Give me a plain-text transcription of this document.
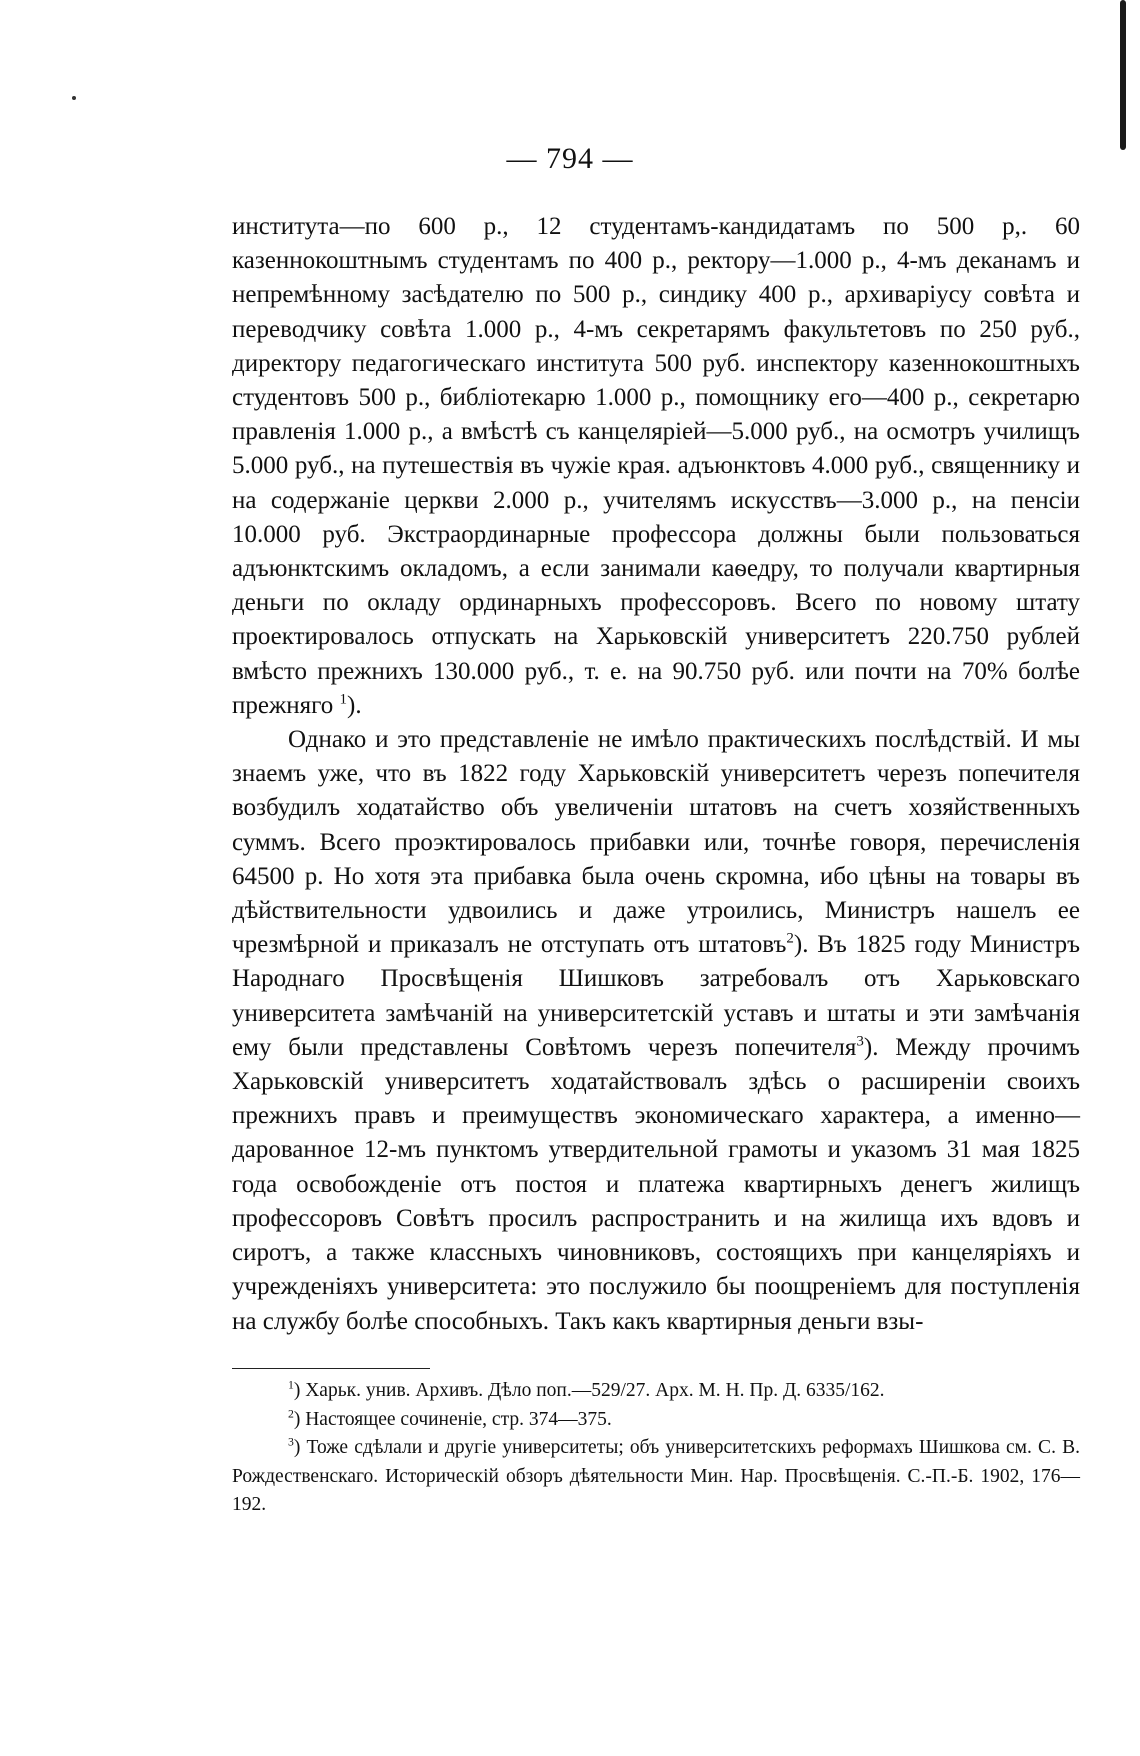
— 794 —

института—по 600 р., 12 студентамъ-кандидатамъ по 500 р,. 60 казеннокоштнымъ студентамъ по 400 р., ректору—1.000 р., 4-мъ деканамъ и непремѣнному засѣдателю по 500 р., синдику 400 р., архиваріусу совѣта и переводчику совѣта 1.000 р., 4-мъ секретарямъ факультетовъ по 250 руб., директору педагогическаго института 500 руб. инспектору казеннокоштныхъ студентовъ 500 р., библіотекарю 1.000 р., помощнику его—400 р., секретарю правленія 1.000 р., а вмѣстѣ съ канцеляріей—5.000 руб., на осмотръ училищъ 5.000 руб., на путешествія въ чужіе края. адъюнктовъ 4.000 руб., священнику и на содержаніе церкви 2.000 р., учителямъ искусствъ—3.000 р., на пенсіи 10.000 руб. Экстраординарные профессора должны были пользоваться адъюнктскимъ окладомъ, а если занимали каѳедру, то получали квартирныя деньги по окладу ординарныхъ профессоровъ. Всего по новому штату проектировалось отпускать на Харьковскій университетъ 220.750 рублей вмѣсто прежнихъ 130.000 руб., т. е. на 90.750 руб. или почти на 70% болѣе прежняго $^1$).

Однако и это представленіе не имѣло практическихъ послѣдствій. И мы знаемъ уже, что въ 1822 году Харьковскій университетъ черезъ попечителя возбудилъ ходатайство объ увеличеніи штатовъ на счетъ хозяйственныхъ суммъ. Всего проэктировалось прибавки или, точнѣе говоря, перечисленія 64500 р. Но хотя эта прибавка была очень скромна, ибо цѣны на товары въ дѣйствительности удвоились и даже утроились, Министръ нашелъ ее чрезмѣрной и приказалъ не отступать отъ штатовъ$^2$). Въ 1825 году Министръ Народнаго Просвѣщенія Шишковъ затребовалъ отъ Харьковскаго университета замѣчаній на университетскій уставъ и штаты и эти замѣчанія ему были представлены Совѣтомъ черезъ попечителя$^3$). Между прочимъ Харьковскій университетъ ходатайствовалъ здѣсь о расширеніи своихъ прежнихъ правъ и преимуществъ экономическаго характера, а именно—дарованное 12-мъ пунктомъ утвердительной грамоты и указомъ 31 мая 1825 года освобожденіе отъ постоя и платежа квартирныхъ денегъ жилищъ профессоровъ Совѣтъ просилъ распространить и на жилища ихъ вдовъ и сиротъ, а также классныхъ чиновниковъ, состоящихъ при канцеляріяхъ и учрежденіяхъ университета: это послужило бы поощреніемъ для поступленія на службу болѣе способныхъ. Такъ какъ квартирныя деньги взы-

$^1$) Харьк. унив. Архивъ. Дѣло поп.—529/27. Арх. М. Н. Пр. Д. 6335/162.

$^2$) Настоящее сочиненіе, стр. 374—375.

$^3$) Тоже сдѣлали и другіе университеты; объ университетскихъ реформахъ Шишкова см. С. В. Рождественскаго. Историческій обзоръ дѣятельности Мин. Нар. Просвѣщенія. С.-П.-Б. 1902, 176—192.
